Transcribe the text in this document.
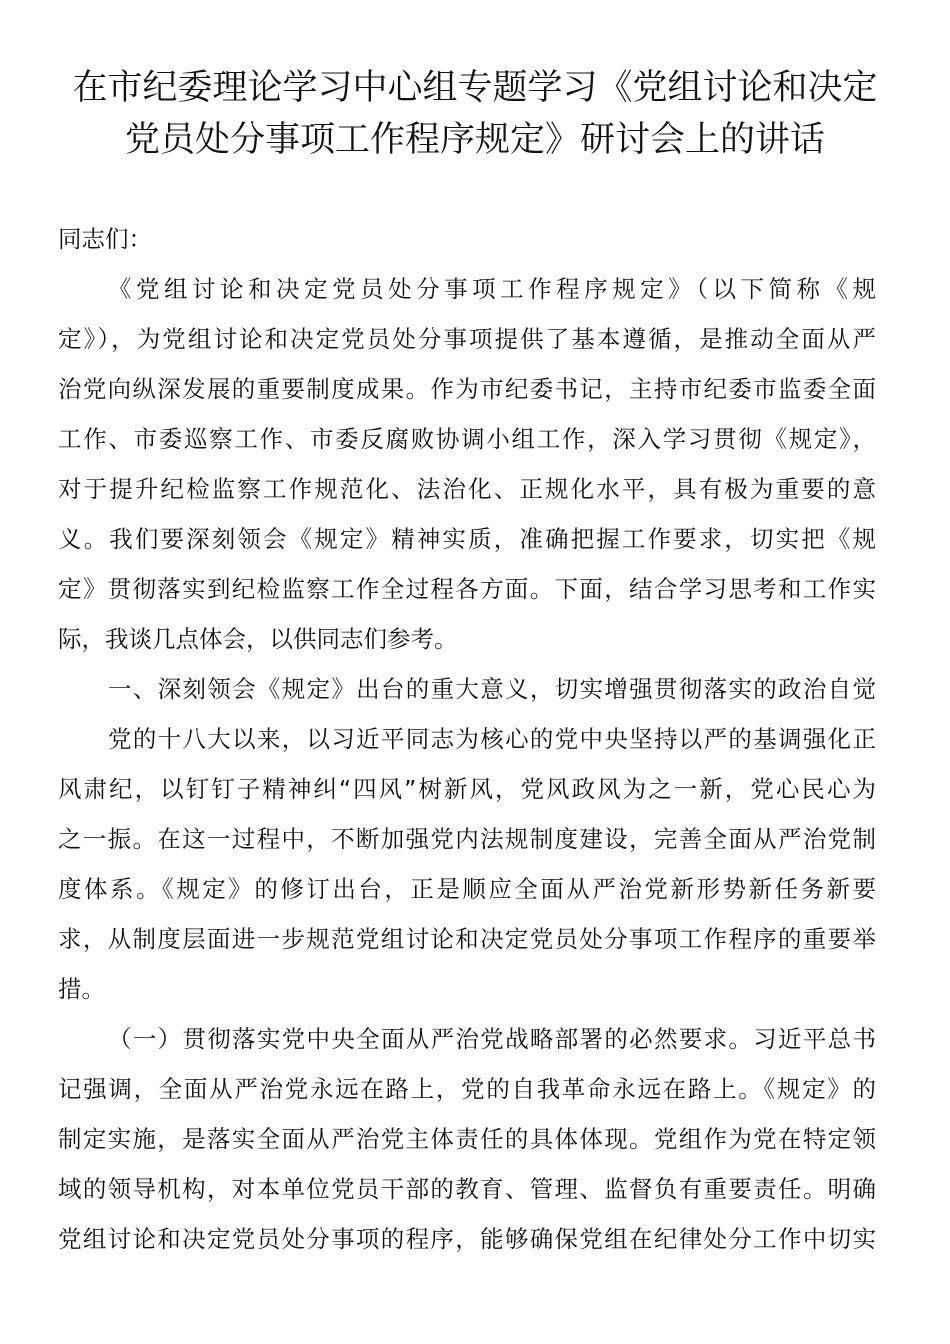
在市纪委理论学习中心组专题学习《党组讨论和决定
党员处分事项工作程序规定》研讨会上的讲话

同志们：

《党组讨论和决定党员处分事项工作程序规定》（以下简称《规

定》），为党组讨论和决定党员处分事项提供了基本遵循，是推动全面从严

治党向纵深发展的重要制度成果。作为市纪委书记，主持市纪委市监委全面

工作、市委巡察工作、市委反腐败协调小组工作，深入学习贯彻《规定》，

对于提升纪检监察工作规范化、法治化、正规化水平，具有极为重要的意

义。我们要深刻领会《规定》精神实质，准确把握工作要求，切实把《规

定》贯彻落实到纪检监察工作全过程各方面。下面，结合学习思考和工作实

际，我谈几点体会，以供同志们参考。

一、深刻领会《规定》出台的重大意义，切实增强贯彻落实的政治自觉

党的十八大以来，以习近平同志为核心的党中央坚持以严的基调强化正

风肃纪，以钉钉子精神纠“四风”树新风，党风政风为之一新，党心民心为

之一振。在这一过程中，不断加强党内法规制度建设，完善全面从严治党制

度体系。《规定》的修订出台，正是顺应全面从严治党新形势新任务新要

求，从制度层面进一步规范党组讨论和决定党员处分事项工作程序的重要举

措。

（一）贯彻落实党中央全面从严治党战略部署的必然要求。习近平总书

记强调，全面从严治党永远在路上，党的自我革命永远在路上。《规定》的

制定实施，是落实全面从严治党主体责任的具体体现。党组作为党在特定领

域的领导机构，对本单位党员干部的教育、管理、监督负有重要责任。明确

党组讨论和决定党员处分事项的程序，能够确保党组在纪律处分工作中切实
